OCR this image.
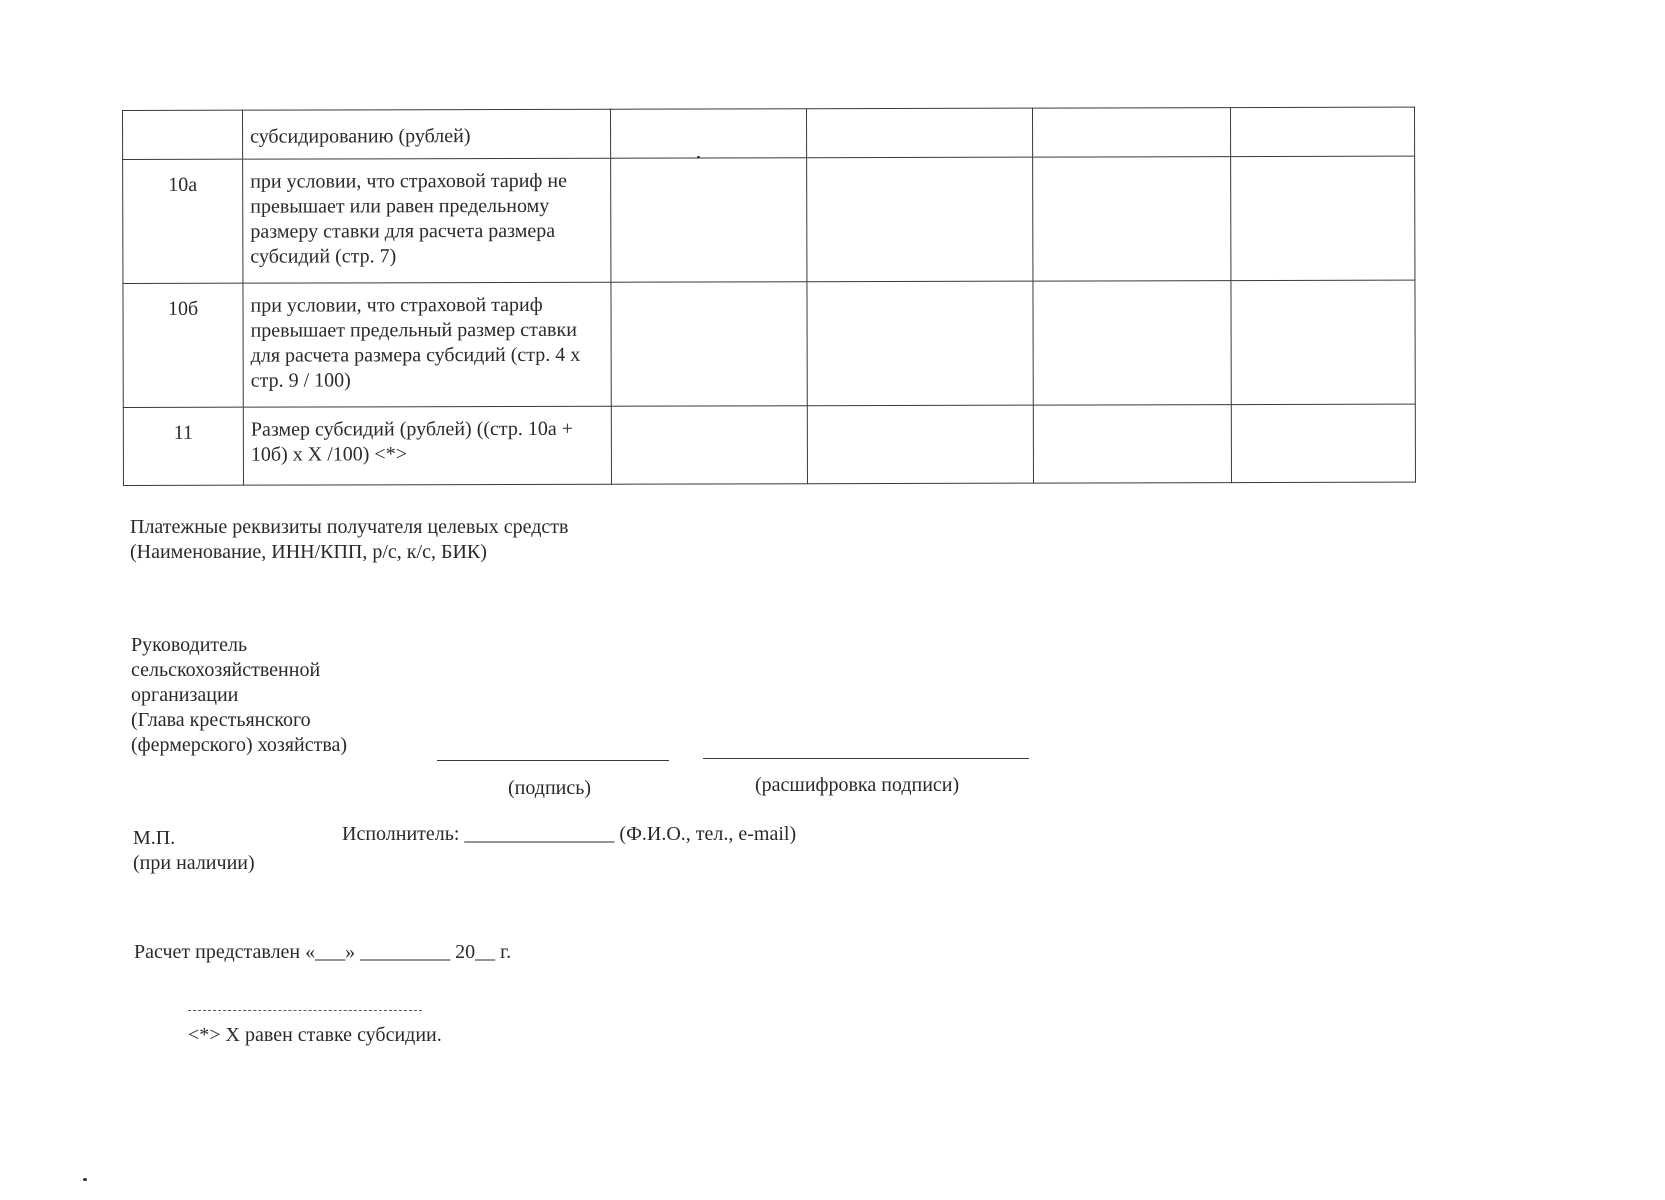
	субсидированию (рублей)				
10а	при условии, что страховой тариф не превышает или равен предельному размеру ставки для расчета размера субсидий (стр. 7)				
10б	при условии, что страховой тариф превышает предельный размер ставки для расчета размера субсидий (стр. 4 х стр. 9 / 100)				
11	Размер субсидий (рублей) ((стр. 10а + 10б) х Х /100) <*>				
Платежные реквизиты получателя целевых средств
(Наименование, ИНН/КПП, р/с, к/с, БИК)
Руководитель
сельскохозяйственной
организации
(Глава крестьянского
(фермерского) хозяйства)
(подпись)	(расшифровка подписи)
М.П.
(при наличии)
Исполнитель: _______________ (Ф.И.О., тел., e-mail)
Расчет представлен «___» _________ 20__ г.
<*> Х равен ставке субсидии.
